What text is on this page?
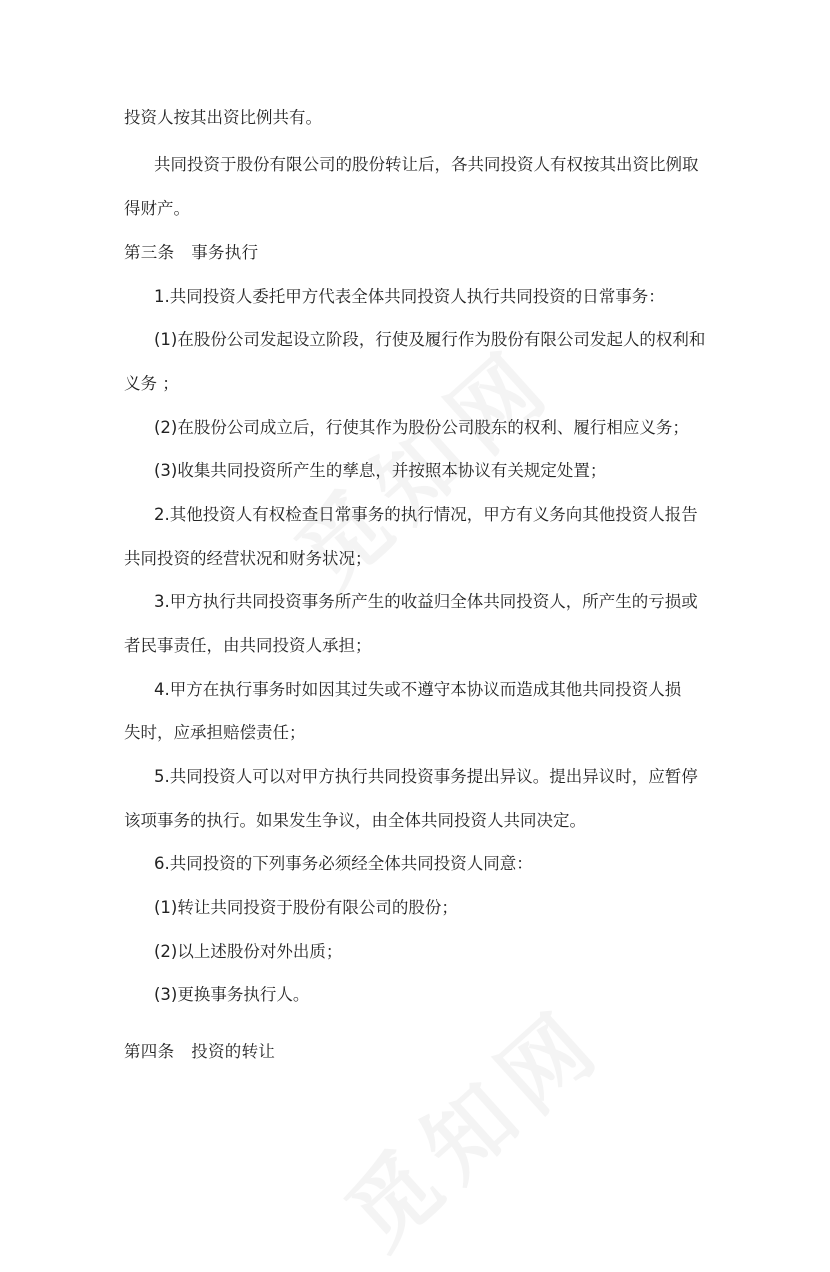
投资人按其出资比例共有。
共同投资于股份有限公司的股份转让后，各共同投资人有权按其出资比例取
得财产。
第三条　事务执行
1.共同投资人委托甲方代表全体共同投资人执行共同投资的日常事务：
(1)在股份公司发起设立阶段，行使及履行作为股份有限公司发起人的权利和
义务 ；
(2)在股份公司成立后，行使其作为股份公司股东的权利、履行相应义务；
(3)收集共同投资所产生的孳息，并按照本协议有关规定处置；
2.其他投资人有权检查日常事务的执行情况，甲方有义务向其他投资人报告
共同投资的经营状况和财务状况；
3.甲方执行共同投资事务所产生的收益归全体共同投资人，所产生的亏损或
者民事责任，由共同投资人承担；
4.甲方在执行事务时如因其过失或不遵守本协议而造成其他共同投资人损
失时，应承担赔偿责任；
5.共同投资人可以对甲方执行共同投资事务提出异议。提出异议时，应暂停
该项事务的执行。如果发生争议，由全体共同投资人共同决定。
6.共同投资的下列事务必须经全体共同投资人同意：
(1)转让共同投资于股份有限公司的股份；
(2)以上述股份对外出质；
(3)更换事务执行人。
第四条　投资的转让
